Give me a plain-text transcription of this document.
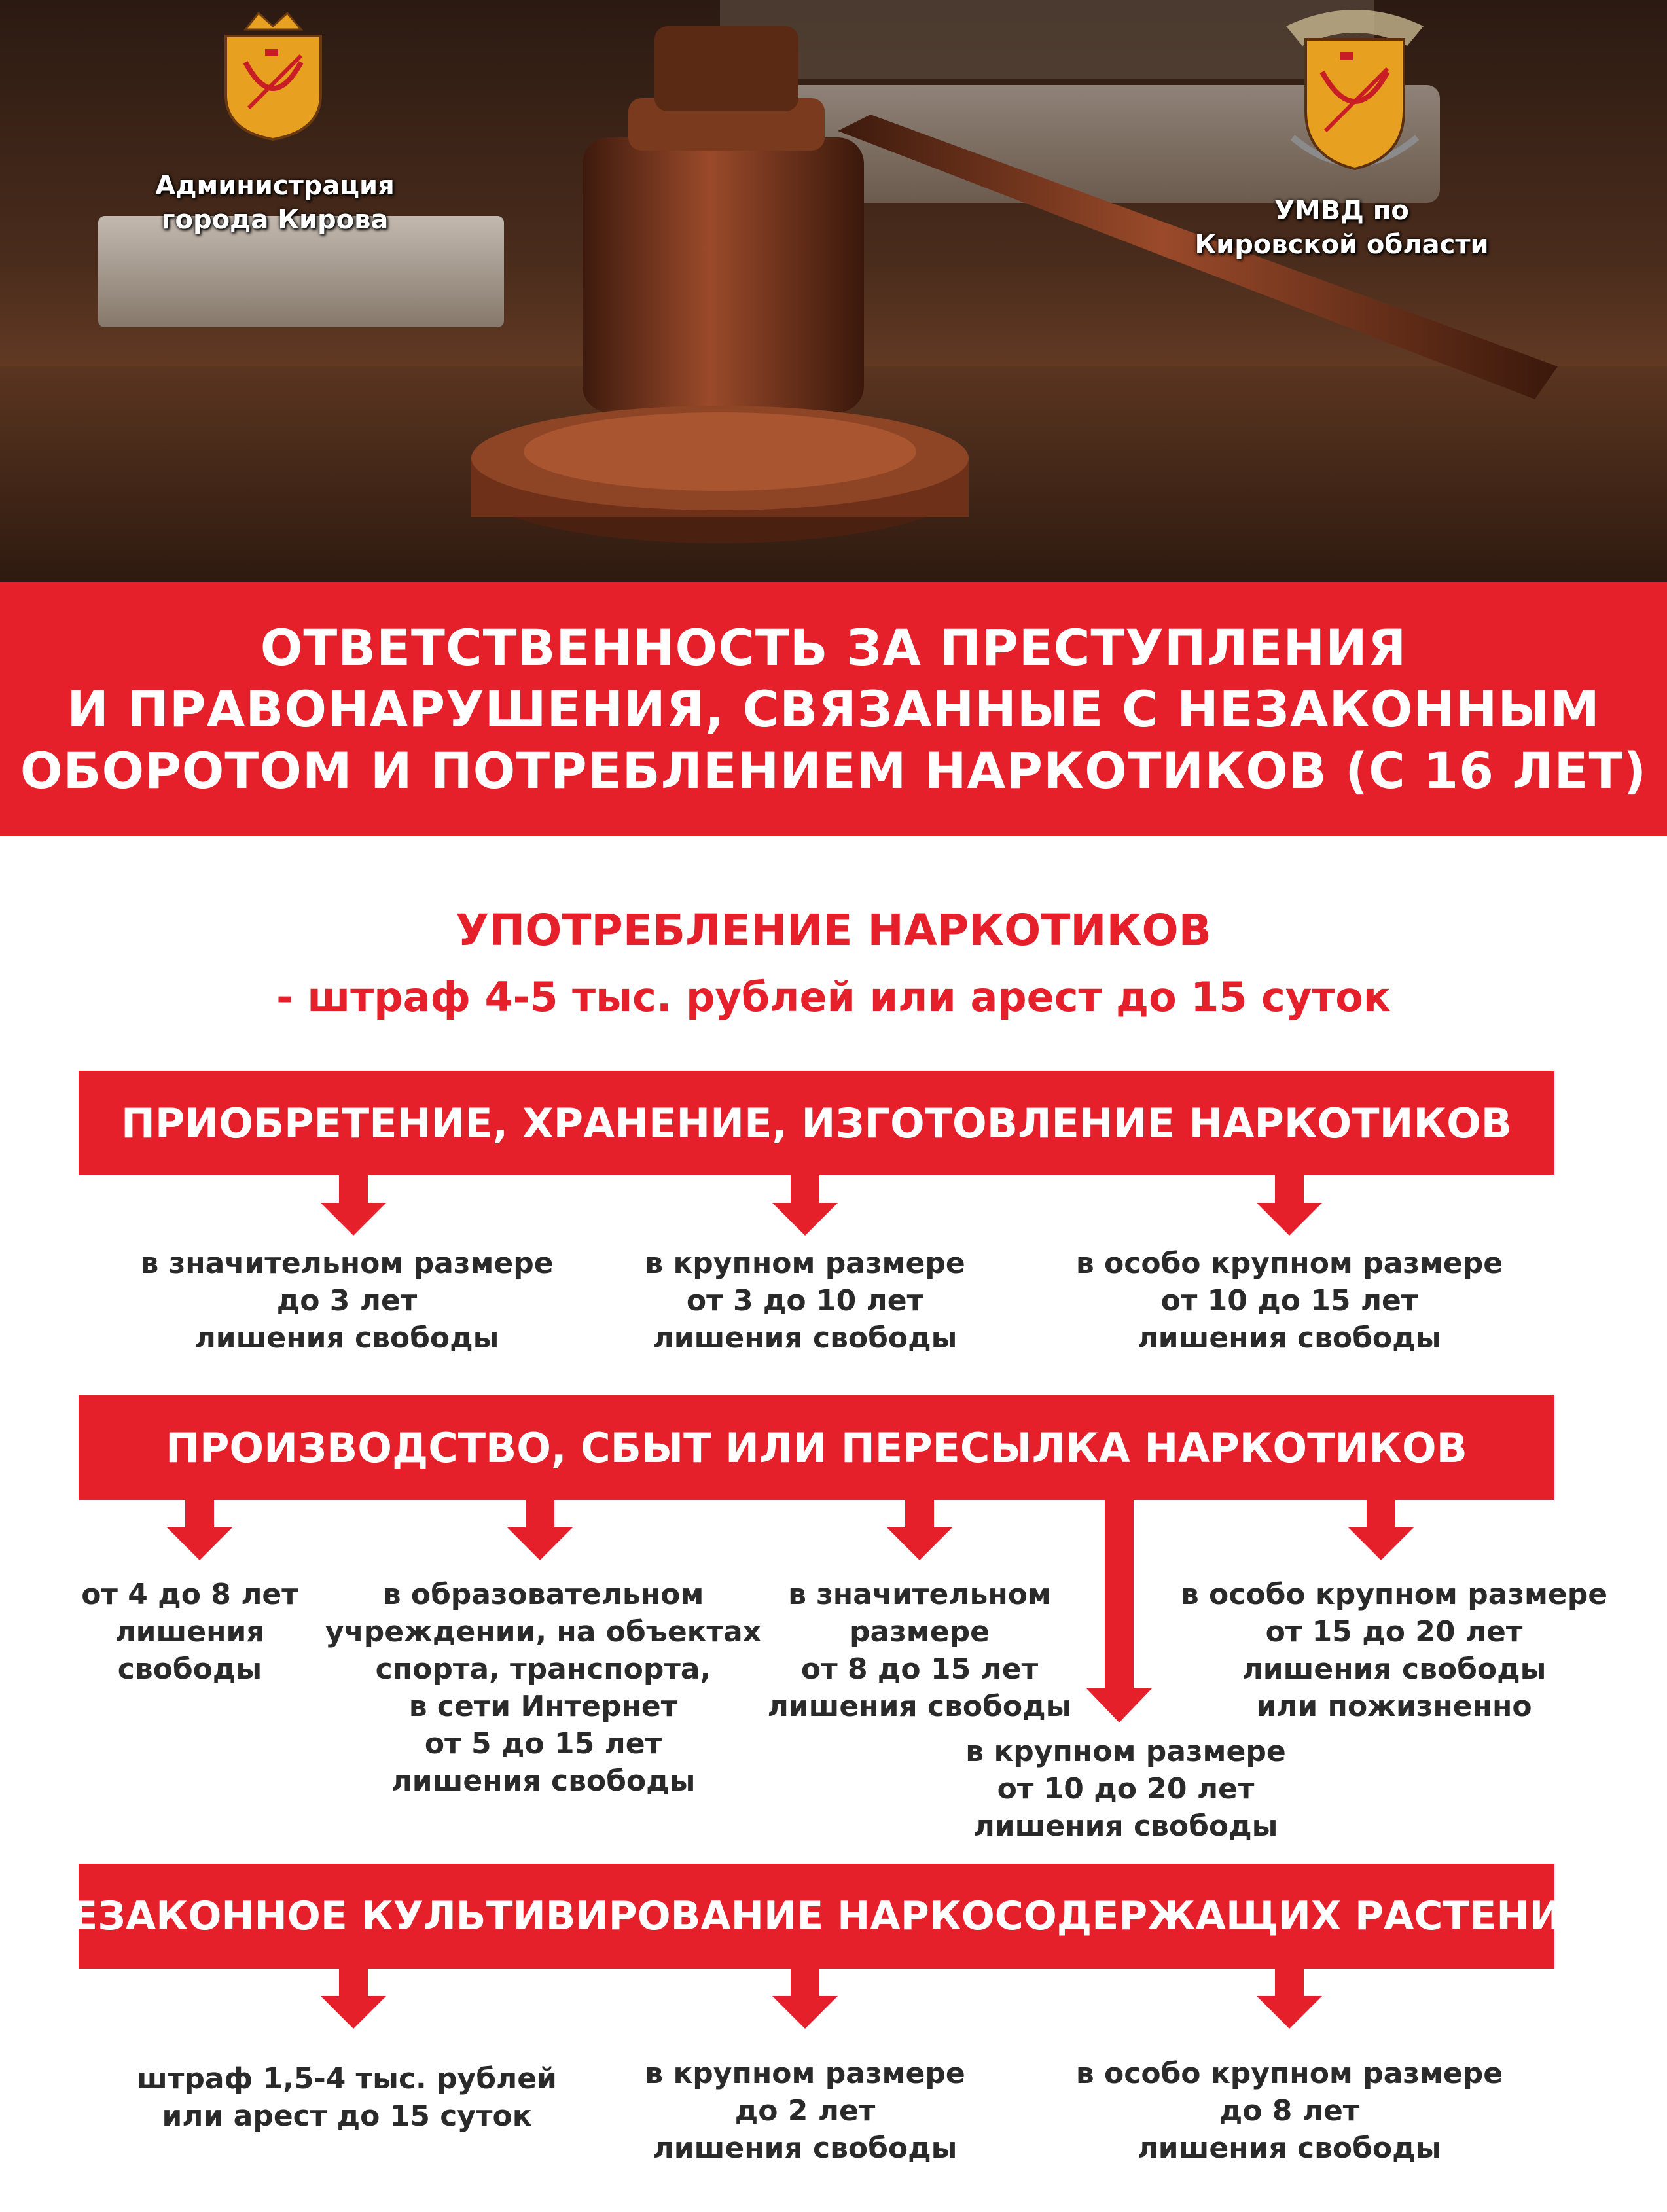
Администрация
города Кирова	УМВД по
Кировской области
ОТВЕТСТВЕННОСТЬ ЗА ПРЕСТУПЛЕНИЯ
И ПРАВОНАРУШЕНИЯ, СВЯЗАННЫЕ С НЕЗАКОННЫМ
ОБОРОТОМ И ПОТРЕБЛЕНИЕМ НАРКОТИКОВ (С 16 ЛЕТ)
УПОТРЕБЛЕНИЕ НАРКОТИКОВ
- штраф 4-5 тыс. рублей или арест до 15 суток
ПРИОБРЕТЕНИЕ, ХРАНЕНИЕ, ИЗГОТОВЛЕНИЕ НАРКОТИКОВ
в значительном размере
до 3 лет
лишения свободы
в крупном размере
от 3 до 10 лет
лишения свободы
в особо крупном размере
от 10 до 15 лет
лишения свободы
ПРОИЗВОДСТВО, СБЫТ ИЛИ ПЕРЕСЫЛКА НАРКОТИКОВ
от 4 до 8 лет
лишения
свободы
в образовательном
учреждении, на объектах
спорта, транспорта,
в сети Интернет
от 5 до 15 лет
лишения свободы
в значительном
размере
от 8 до 15 лет
лишения свободы
в крупном размере
от 10 до 20 лет
лишения свободы
в особо крупном размере
от 15 до 20 лет
лишения свободы
или пожизненно
НЕЗАКОННОЕ КУЛЬТИВИРОВАНИЕ НАРКОСОДЕРЖАЩИХ РАСТЕНИЙ
штраф 1,5-4 тыс. рублей
или арест до 15 суток
в крупном размере
до 2 лет
лишения свободы
в особо крупном размере
до 8 лет
лишения свободы
